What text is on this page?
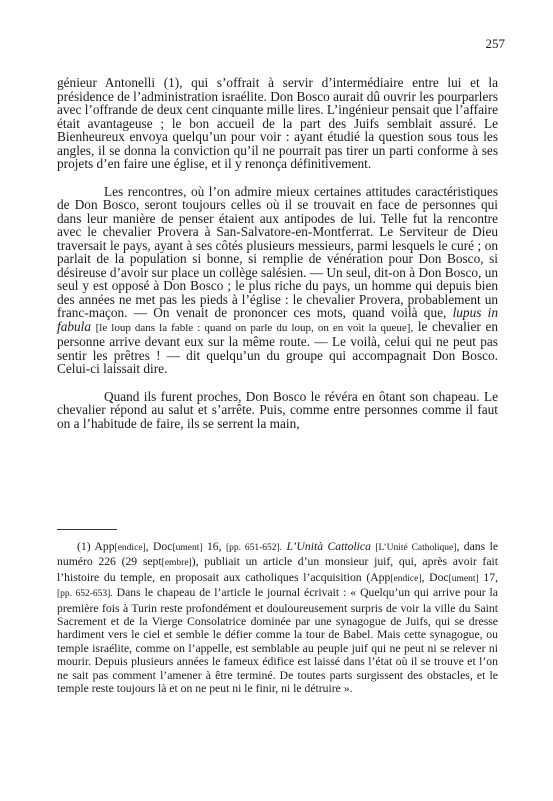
257

génieur Antonelli (1), qui s’offrait à servir d’intermédiaire entre lui et la présidence de l’administration israélite. Don Bosco aurait dû ouvrir les pourparlers avec l’offrande de deux cent cinquante mille lires. L’ingénieur pensait que l’affaire était avantageuse ; le bon accueil de la part des Juifs semblait assuré. Le Bienheureux envoya quelqu’un pour voir : ayant étudié la question sous tous les angles, il se donna la conviction qu’il ne pourrait pas tirer un parti conforme à ses projets d’en faire une église, et il y renonça définitivement.

Les rencontres, où l’on admire mieux certaines attitudes caractéristiques de Don Bosco, seront toujours celles où il se trouvait en face de personnes qui dans leur manière de penser étaient aux antipodes de lui. Telle fut la rencontre avec le chevalier Provera à San-Salvatore-en-Montferrat. Le Serviteur de Dieu traversait le pays, ayant à ses côtés plusieurs messieurs, parmi lesquels le curé ; on parlait de la population si bonne, si remplie de vénération pour Don Bosco, si désireuse d’avoir sur place un collège salésien. — Un seul, dit-on à Don Bosco, un seul y est opposé à Don Bosco ; le plus riche du pays, un homme qui depuis bien des années ne met pas les pieds à l’église : le chevalier Provera, probablement un franc-maçon. — On venait de prononcer ces mots, quand voilà que, lupus in fabula [le loup dans la fable : quand on parle du loup, on en voit la queue], le chevalier en personne arrive devant eux sur la même route. — Le voilà, celui qui ne peut pas sentir les prêtres ! — dit quelqu’un du groupe qui accompagnait Don Bosco. Celui-ci laissait dire.

Quand ils furent proches, Don Bosco le révéra en ôtant son chapeau. Le chevalier répond au salut et s’arrête. Puis, comme entre personnes comme il faut on a l’habitude de faire, ils se serrent la main,

(1) App[endice], Doc[ument] 16, [pp. 651-652]. L’Unità Cattolica [L’Unité Catholique], dans le numéro 226 (29 sept[embre]), publiait un article d’un monsieur juif, qui, après avoir fait l’histoire du temple, en proposait aux catholiques l’acquisition (App[endice], Doc[ument] 17, [pp. 652-653]. Dans le chapeau de l’article le journal écrivait : « Quelqu’un qui arrive pour la première fois à Turin reste profondément et douloureusement surpris de voir la ville du Saint Sacrement et de la Vierge Consolatrice dominée par une synagogue de Juifs, qui se dresse hardiment vers le ciel et semble le défier comme la tour de Babel. Mais cette synagogue, ou temple israélite, comme on l’appelle, est semblable au peuple juif qui ne peut ni se relever ni mourir. Depuis plusieurs années le fameux édifice est laissé dans l’état où il se trouve et l’on ne sait pas comment l’amener à être terminé. De toutes parts surgissent des obstacles, et le temple reste toujours là et on ne peut ni le finir, ni le détruire ».
